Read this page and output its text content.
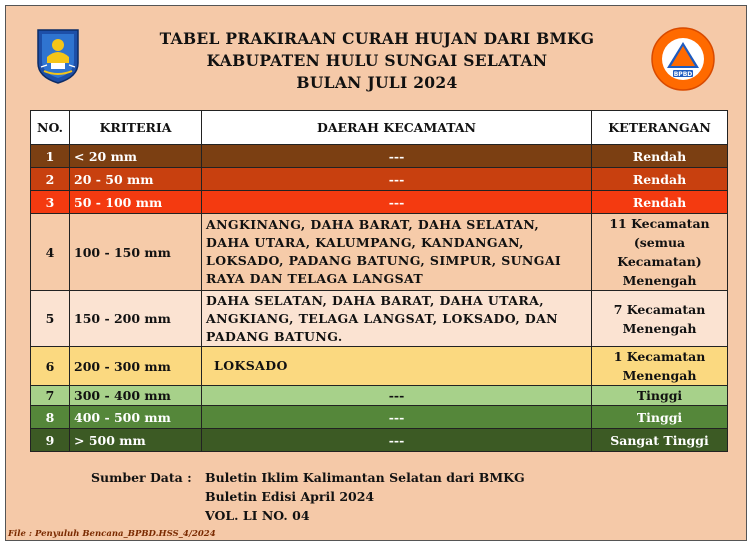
BPBD
TABEL PRAKIRAAN CURAH HUJAN DARI BMKG
KABUPATEN HULU SUNGAI SELATAN
BULAN JULI 2024
NO.	KRITERIA	DAERAH KECAMATAN	KETERANGAN
1	< 20 mm	---	Rendah
2	20 - 50 mm	---	Rendah
3	50 - 100 mm	---	Rendah
4	100 - 150 mm	ANGKINANG, DAHA BARAT, DAHA SELATAN, DAHA UTARA, KALUMPANG, KANDANGAN, LOKSADO, PADANG BATUNG, SIMPUR, SUNGAI RAYA DAN TELAGA LANGSAT	11 Kecamatan (semua Kecamatan) Menengah
5	150 - 200 mm	DAHA SELATAN, DAHA BARAT, DAHA UTARA, ANGKIANG, TELAGA LANGSAT, LOKSADO, DAN PADANG BATUNG.	7 Kecamatan Menengah
6	200 - 300 mm	LOKSADO	1 Kecamatan Menengah
7	300 - 400 mm	---	Tinggi
8	400 - 500 mm	---	Tinggi
9	> 500 mm	---	Sangat Tinggi
Sumber Data : Buletin Iklim Kalimantan Selatan dari BMKG
Buletin Edisi April 2024
VOL. LI NO. 04
File : Penyuluh Bencana_BPBD.HSS_4/2024
